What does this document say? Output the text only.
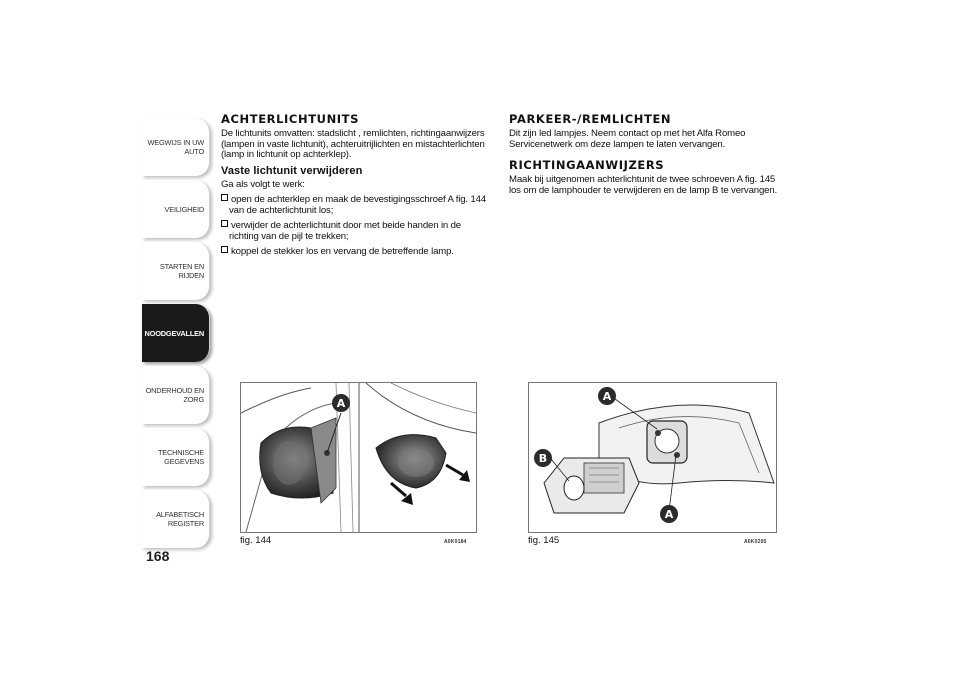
WEGWIJS IN UW AUTO
VEILIGHEID
STARTEN EN RIJDEN
NOODGEVALLEN
ONDERHOUD EN ZORG
TECHNISCHE GEGEVENS
ALFABETISCH REGISTER
168
ACHTERLICHTUNITS
De lichtunits omvatten: stadslicht , remlichten, richtingaanwijzers (lampen in vaste lichtunit), achteruitrijlichten en mistachterlichten (lamp in lichtunit op achterklep).
Vaste lichtunit verwijderen
Ga als volgt te werk:
open de achterklep en maak de bevestigingsschroef A fig. 144 van de achterlichtunit los;
verwijder de achterlichtunit door met beide handen in de richting van de pijl te trekken;
koppel de stekker los en vervang de betreffende lamp.
PARKEER-/REMLICHTEN
Dit zijn led lampjes. Neem contact op met het Alfa Romeo Servicenetwerk om deze lampen te laten vervangen.
RICHTINGAANWIJZERS
Maak bij uitgenomen achterlichtunit de twee schroeven A fig. 145 los om de lamphouder te verwijderen en de lamp B te vervangen.
A
fig. 144	A0K0184
A
B
A
fig. 145	A0K0205
